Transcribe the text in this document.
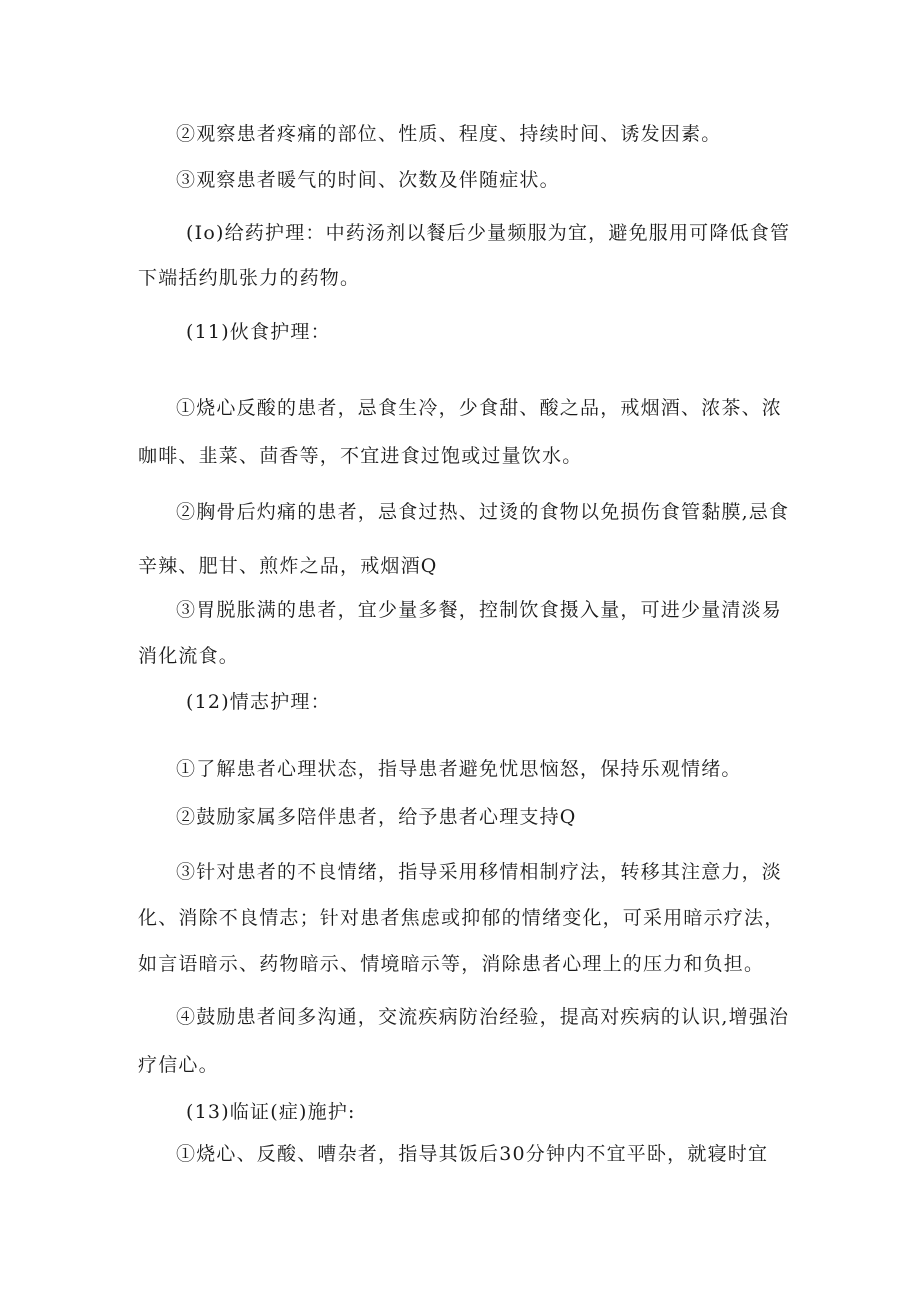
②观察患者疼痛的部位、性质、程度、持续时间、诱发因素。
③观察患者暖气的时间、次数及伴随症状。
(Io)给药护理：中药汤剂以餐后少量频服为宜，避免服用可降低食管下端括约肌张力的药物。
(11)伙食护理：
①烧心反酸的患者，忌食生冷，少食甜、酸之品，戒烟酒、浓茶、浓咖啡、韭菜、茴香等，不宜进食过饱或过量饮水。
②胸骨后灼痛的患者，忌食过热、过烫的食物以免损伤食管黏膜,忌食辛辣、肥甘、煎炸之品，戒烟酒Q
③胃脱胀满的患者，宜少量多餐，控制饮食摄入量，可进少量清淡易消化流食。
(12)情志护理：
①了解患者心理状态，指导患者避免忧思恼怒，保持乐观情绪。
②鼓励家属多陪伴患者，给予患者心理支持Q
③针对患者的不良情绪，指导采用移情相制疗法，转移其注意力，淡化、消除不良情志；针对患者焦虑或抑郁的情绪变化，可采用暗示疗法，如言语暗示、药物暗示、情境暗示等，消除患者心理上的压力和负担。
④鼓励患者间多沟通，交流疾病防治经验，提高对疾病的认识,增强治疗信心。
(13)临证(症)施护:
①烧心、反酸、嘈杂者，指导其饭后30分钟内不宜平卧，就寝时宜
